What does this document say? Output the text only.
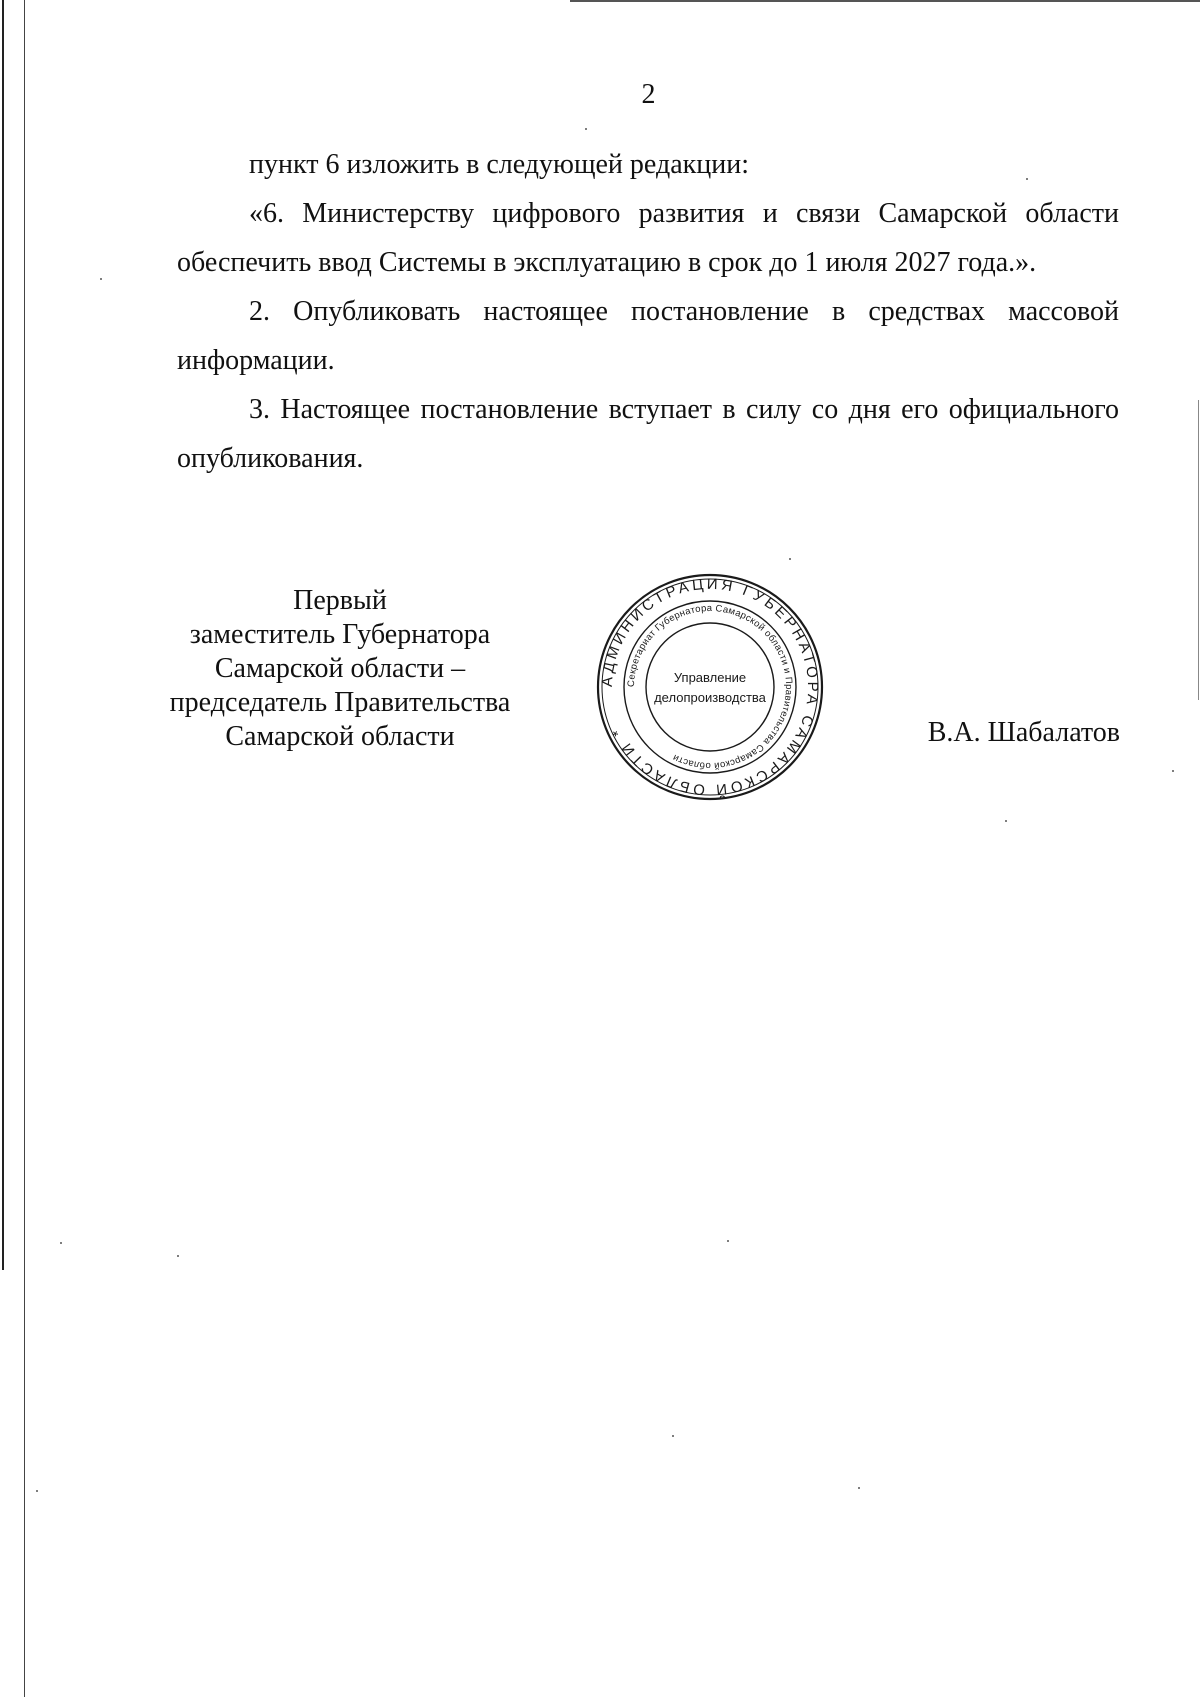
2

пункт 6 изложить в следующей редакции:

«6. Министерству цифрового развития и связи Самарской области обеспечить ввод Системы в эксплуатацию в срок до 1 июля 2027 года.».

2. Опубликовать настоящее постановление в средствах массовой информации.

3. Настоящее постановление вступает в силу со дня его официального опубликования.

Первый
заместитель Губернатора
Самарской области –
председатель Правительства
Самарской области
АДМИНИСТРАЦИЯ ГУБЕРНАТОРА САМАРСКОЙ ОБЛАСТИ *
Секретариат Губернатора Самарской области и Правительства Самарской области
Управление
делопроизводства
В.А. Шабалатов
